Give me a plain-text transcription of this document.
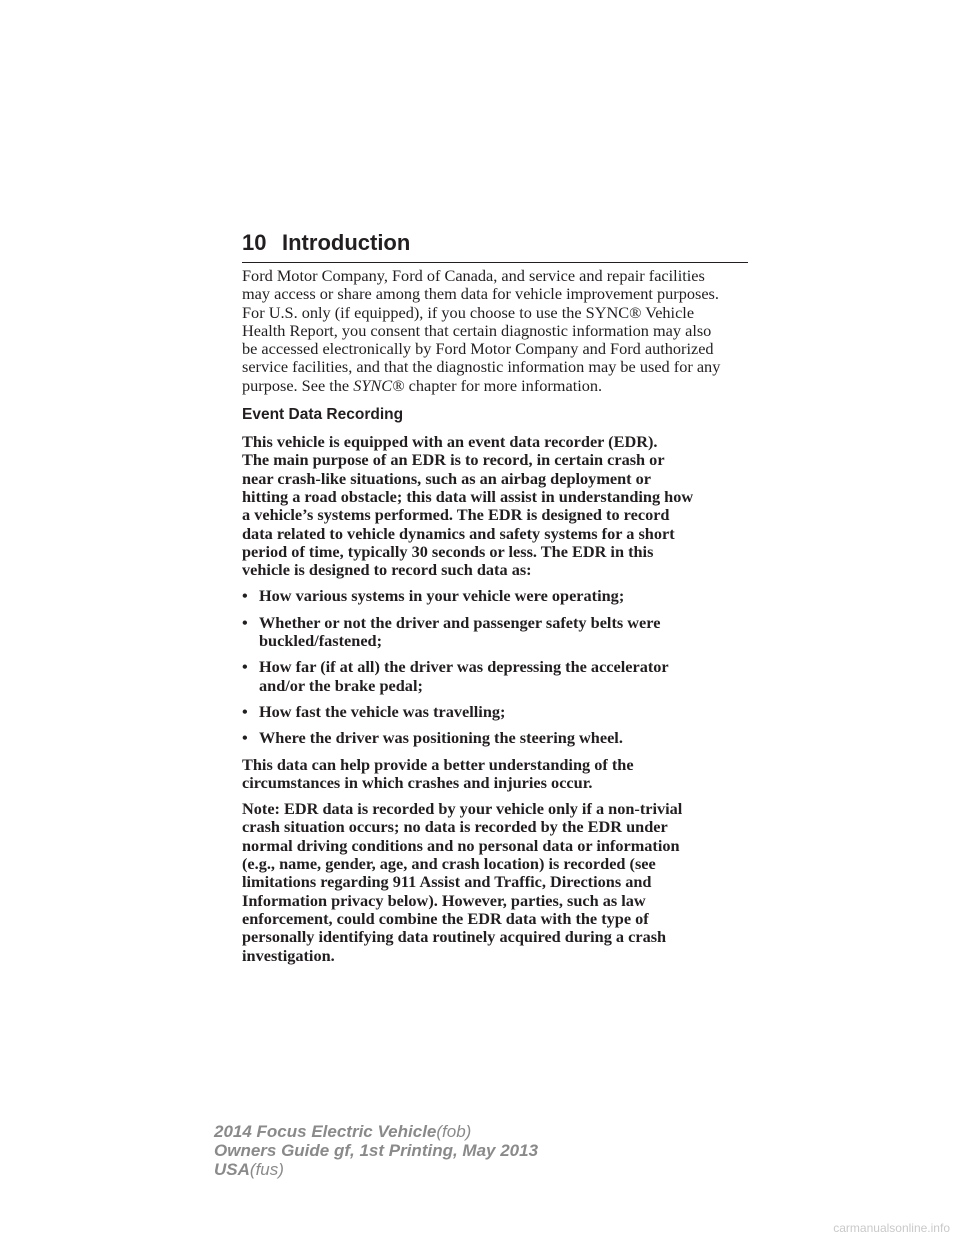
10 Introduction

Ford Motor Company, Ford of Canada, and service and repair facilities
may access or share among them data for vehicle improvement purposes.
For U.S. only (if equipped), if you choose to use the SYNC® Vehicle
Health Report, you consent that certain diagnostic information may also
be accessed electronically by Ford Motor Company and Ford authorized
service facilities, and that the diagnostic information may be used for any
purpose. See the SYNC® chapter for more information.

Event Data Recording
This vehicle is equipped with an event data recorder (EDR).
The main purpose of an EDR is to record, in certain crash or
near crash-like situations, such as an airbag deployment or
hitting a road obstacle; this data will assist in understanding how
a vehicle’s systems performed. The EDR is designed to record
data related to vehicle dynamics and safety systems for a short
period of time, typically 30 seconds or less. The EDR in this
vehicle is designed to record such data as:
• How various systems in your vehicle were operating;
• Whether or not the driver and passenger safety belts were
buckled/fastened;
• How far (if at all) the driver was depressing the accelerator
and/or the brake pedal;
• How fast the vehicle was travelling;
• Where the driver was positioning the steering wheel.
This data can help provide a better understanding of the
circumstances in which crashes and injuries occur.
Note: EDR data is recorded by your vehicle only if a non-trivial
crash situation occurs; no data is recorded by the EDR under
normal driving conditions and no personal data or information
(e.g., name, gender, age, and crash location) is recorded (see
limitations regarding 911 Assist and Traffic, Directions and
Information privacy below). However, parties, such as law
enforcement, could combine the EDR data with the type of
personally identifying data routinely acquired during a crash
investigation.
2014 Focus Electric Vehicle(fob)
Owners Guide gf, 1st Printing, May 2013
USA(fus)
carmanualsonline.info
